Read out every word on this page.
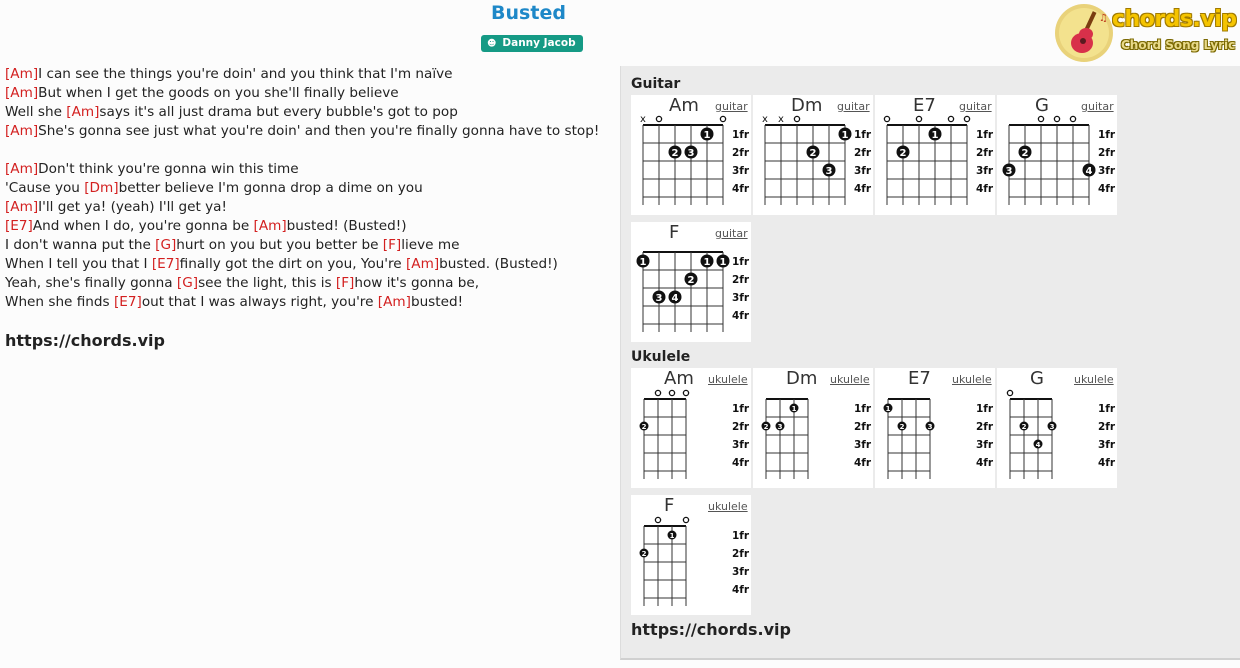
Busted
☻ Danny Jacob
♫ chords.vip
Chord Song Lyric
[Am]I can see the things you're doin' and you think that I'm naïve
[Am]But when I get the goods on you she'll finally believe
Well she [Am]says it's all just drama but every bubble's got to pop
[Am]She's gonna see just what you're doin' and then you're finally gonna have to stop!
[Am]Don't think you're gonna win this time
'Cause you [Dm]better believe I'm gonna drop a dime on you
[Am]I'll get ya! (yeah) I'll get ya!
[E7]And when I do, you're gonna be [Am]busted! (Busted!)
I don't wanna put the [G]hurt on you but you better be [F]lieve me
When I tell you that I [E7]finally got the dirt on you, You're [Am]busted. (Busted!)
Yeah, she's finally gonna [G]see the light, this is [F]how it's gonna be,
When she finds [E7]out that I was always right, you're [Am]busted!
https://chords.vip
Guitar
Ukulele
https://chords.vip
1fr
2fr
3fr
4fr
x
2 3
1
Am guitar
1fr
2fr
3fr
4fr
x x
2
3
1
Dm guitar
1fr
2fr
3fr
4fr
2
1
E7 guitar
1fr
2fr
3fr
4fr
3
2
4
G	guitar
1fr
2fr
3fr
4fr
1
3 4
2
1 1
F	guitar
1fr
2fr
3fr
4fr
2
Am ukulele
1fr
2fr
3fr
4fr
2 3
1
Dm ukulele
1fr
2fr
3fr
4fr
1
2	3
E7 ukulele
1fr
2fr
3fr
4fr
2
4
3
G	ukulele
1fr
2fr
3fr
4fr
2
1
F	ukulele
